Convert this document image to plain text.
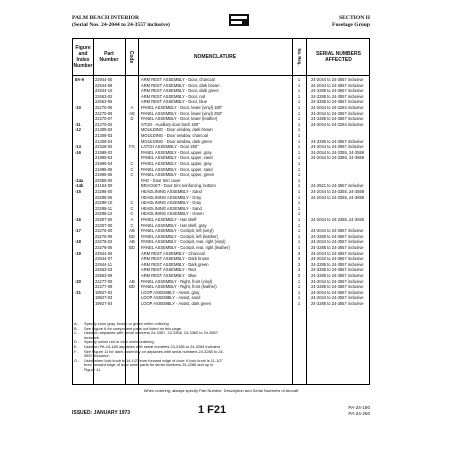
PALM BEACH INTERIOR
(Serial Nos. 24-2044 to 24-3557 inclusive)
SECTION II
Fuselage Group
Figure
and
Index
Number
Part
Number	Code	NOMENCLATURE	No. Req.	SERIAL NUMBERS
AFFECTED
8A-9	22944-00	ARM REST ASSEMBLY - Door, charcoal	1	24-2044 to 24-3557 inclusive
22944-09	ARM REST ASSEMBLY - Door, dark brown	1	24-2044 to 24-3557 inclusive
22944-10	ARM REST ASSEMBLY - Door, dark green	1	24-3285 to 24-3557 inclusive
22663-02	ARM REST ASSEMBLY - Door, red	1	24-3285 to 24-3557 inclusive
22663-06	ARM REST ASSEMBLY - Door, blue	1	24-3285 to 24-3557 inclusive
-10	22270-05	A	PANEL ASSEMBLY - Door, lower (vinyl) 180"	1	24-2044 to 24-3284 inclusive
22270-06	AE	PANEL ASSEMBLY - Door, lower (vinyl) 250"	1	24-2044 to 24-3557 inclusive
22270-07	D	PANEL ASSEMBLY - Door, lower (leather)	1	24-3285 to 24-3557 inclusive
-11	21470-02	STUD - Auxiliary door latch 180"	1	24-2044 to 24-3284 inclusive
-12	21308-02	MOULDING - Door window, dark brown	1
21308-03	MOULDING - Door window, charcoal	1
21308-04	MOULDING - Door window, dark green	1	24-3285 to 24-3557 inclusive
-13	22328-02	FG	LATCH ASSEMBLY - Door 250"	1	24-2044 to 24-3557 inclusive
-16	21995-02	PANEL ASSEMBLY - Door, upper, gray	1	24-2044 to 24-3355, 24-3559
21995-03	PANEL ASSEMBLY - Door, upper, sand	1	24-2044 to 24-3356, 24-3559
21995-04	C	PANEL ASSEMBLY - Door, upper, gray	1
21995-05	C	PANEL ASSEMBLY - Door, upper, sand	1
21995-06	C	PANEL ASSEMBLY - Door, upper, green	1
-14a	23355-00	PAD - Door trim cover	1
-14b	24164-00	BRACKET - Door trim reinforcing, bottom	1	24-3521 to 24-3557 inclusive
-15	23298-00	HEADLINING ASSEMBLY - Sand	1	24-2044 to 24-3355, 24-3559
23298-06	HEADLINING ASSEMBLY - Gray	1	24-2044 to 24-3355, 24-3559
23298-10	C	HEADLINING ASSEMBLY - Gray	1
23298-11	C	HEADLINING ASSEMBLY - Sand	1
23298-12	C	HEADLINING ASSEMBLY - Green	1
-16	23307-00	A	PANEL ASSEMBLY - Hat shelf	1	24-2044 to 24-3355, 24-3559
23307-00	C	PANEL ASSEMBLY - Hat shelf, gray	1
-17	23276-00	AB	PANEL ASSEMBLY - Cockpit, left (vinyl)	1	24-2044 to 24-3557 inclusive
23276-09	BD	PANEL ASSEMBLY - Cockpit, left (leather)	1	24-3285 to 24-3557 inclusive
-18	23278-02	AB	PANEL ASSEMBLY - Cockpit, rear, right (vinyl)	1	24-2044 to 24-3557 inclusive
23278-06	BD	PANEL ASSEMBLY - Cockpit, rear, right (leather)	1	24-3285 to 24-3557 inclusive
-19	22944-06	ARM REST ASSEMBLY - Charcoal	3	24-2044 to 24-3557 inclusive
22944-07	ARM REST ASSEMBLY - Dark brown	3	24-2044 to 24-3557 inclusive
22944-11	ARM REST ASSEMBLY - Dark green	3	24-3285 to 24-3557 inclusive
22663-03	ARM REST ASSEMBLY - Red	3	24-3285 to 24-3557 inclusive
22663-09	ARM REST ASSEMBLY - Blue	3	24-3285 to 24-3557 inclusive
-20	22277-00	AB	PANEL ASSEMBLY - Right, front (vinyl)	1	24-2044 to 24-3557 inclusive
22277-09	BD	PANEL ASSEMBLY - Right, front (leather)	1	24-3285 to 24-3557 inclusive
-21	19927-02	LOOP ASSEMBLY - Assist, gray	1	24-2044 to 24-3557 inclusive
19927-03	LOOP ASSEMBLY - Assist, sand	1	24-2044 to 24-3557 inclusive
19927-04	LOOP ASSEMBLY - Assist, dark green	1	24-3285 to 24-3557 inclusive
A - Specify color gray, brown or green when ordering
B - See Figure 6 for component parts not listed on this page.
C - Used on airplanes with serial numbers 24-3357, 24-3358, 24-3360 to 24-3557 inclusive.
D - Specify colors red or blue when ordering.
E - Used on PA-24-180 airplanes with serial numbers 24-2286 to 24-3284 inclusive.
F - See Figure 11 for latch assembly on airplanes with serial numbers 24-3285 to 24-3557 inclusive.
G - Used when lock knob is 14-1/2" from forward edge of door; if lock knob is 11-1/2" from forward edge of door order parts for serial numbers 24-2286 and up in Figure 11.
When ordering, always specify Part Number, Description and Serial Numbers of Aircraft
ISSUED: JANUARY 1973	1 F21	PA-24-180
PA-24-250
